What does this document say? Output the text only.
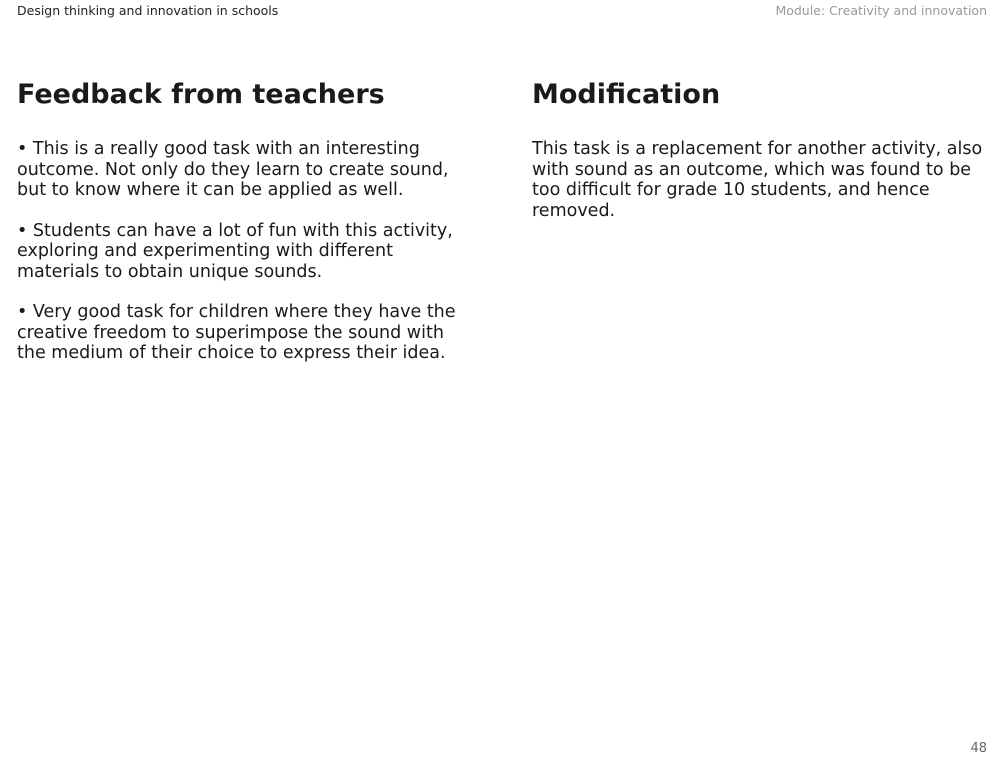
Design thinking and innovation in schools	Module: Creativity and innovation
Feedback from teachers

• This is a really good task with an interesting outcome. Not only do they learn to create sound, but to know where it can be applied as well.

• Students can have a lot of fun with this activity, exploring and experimenting with different materials to obtain unique sounds.

• Very good task for children where they have the creative freedom to superimpose the sound with the medium of their choice to express their idea.

Modification

This task is a replacement for another activity, also with sound as an outcome, which was found to be too difficult for grade 10 students, and hence removed.

48
